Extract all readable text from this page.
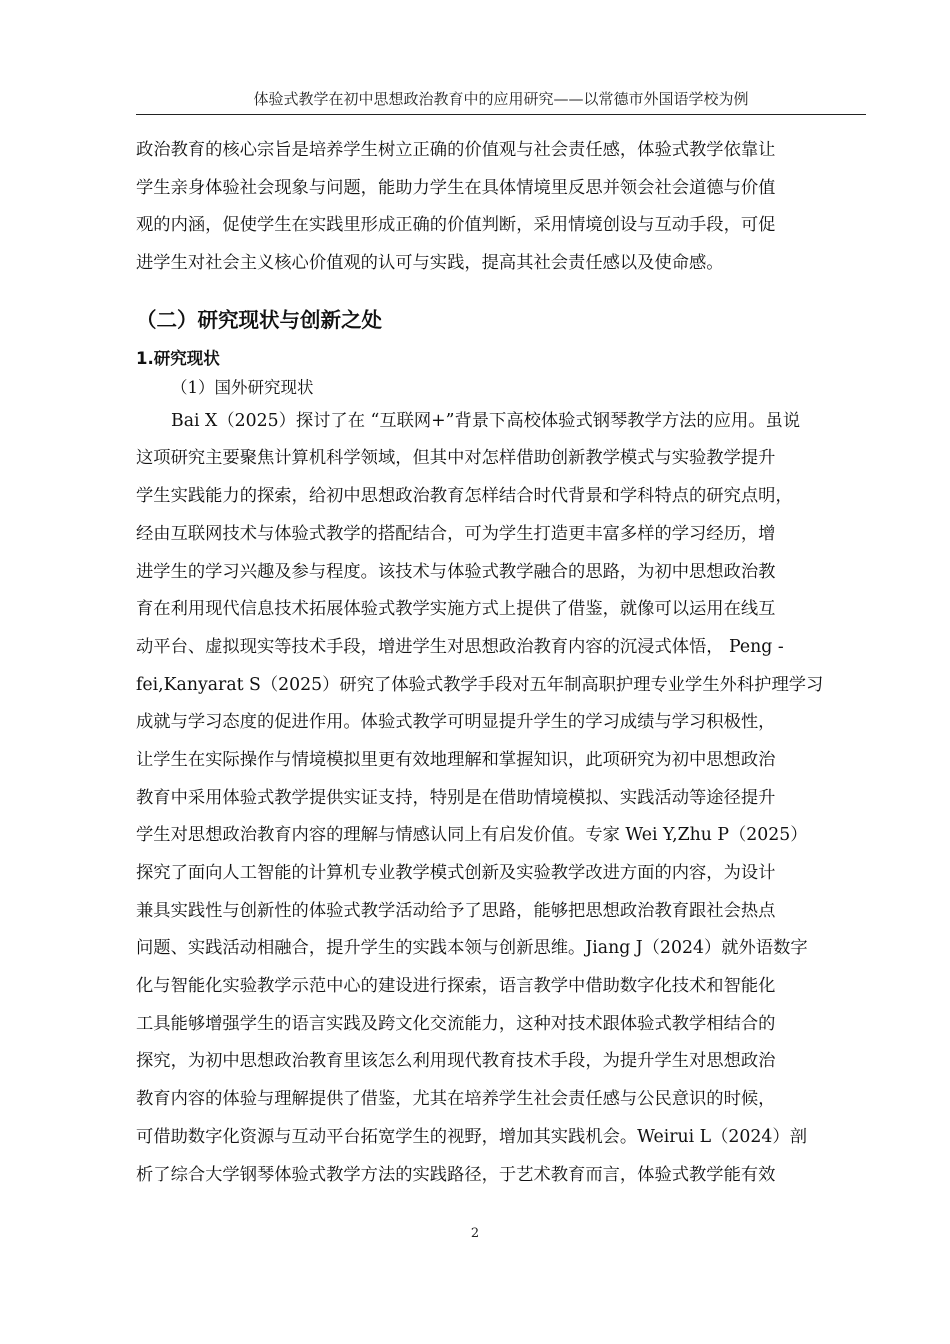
体验式教学在初中思想政治教育中的应用研究——以常德市外国语学校为例
政治教育的核心宗旨是培养学生树立正确的价值观与社会责任感，体验式教学依靠让
学生亲身体验社会现象与问题，能助力学生在具体情境里反思并领会社会道德与价值
观的内涵，促使学生在实践里形成正确的价值判断，采用情境创设与互动手段，可促
进学生对社会主义核心价值观的认可与实践，提高其社会责任感以及使命感。
（二）研究现状与创新之处
1.研究现状
（1）国外研究现状
Bai X（2025）探讨了在 “互联网+”背景下高校体验式钢琴教学方法的应用。虽说
这项研究主要聚焦计算机科学领域，但其中对怎样借助创新教学模式与实验教学提升
学生实践能力的探索，给初中思想政治教育怎样结合时代背景和学科特点的研究点明，
经由互联网技术与体验式教学的搭配结合，可为学生打造更丰富多样的学习经历，增
进学生的学习兴趣及参与程度。该技术与体验式教学融合的思路，为初中思想政治教
育在利用现代信息技术拓展体验式教学实施方式上提供了借鉴，就像可以运用在线互
动平台、虚拟现实等技术手段，增进学生对思想政治教育内容的沉浸式体悟， Peng -
fei,Kanyarat S（2025）研究了体验式教学手段对五年制高职护理专业学生外科护理学习
成就与学习态度的促进作用。体验式教学可明显提升学生的学习成绩与学习积极性，
让学生在实际操作与情境模拟里更有效地理解和掌握知识，此项研究为初中思想政治
教育中采用体验式教学提供实证支持，特别是在借助情境模拟、实践活动等途径提升
学生对思想政治教育内容的理解与情感认同上有启发价值。专家 Wei Y,Zhu P（2025）
探究了面向人工智能的计算机专业教学模式创新及实验教学改进方面的内容，为设计
兼具实践性与创新性的体验式教学活动给予了思路，能够把思想政治教育跟社会热点
问题、实践活动相融合，提升学生的实践本领与创新思维。Jiang J（2024）就外语数字
化与智能化实验教学示范中心的建设进行探索，语言教学中借助数字化技术和智能化
工具能够增强学生的语言实践及跨文化交流能力，这种对技术跟体验式教学相结合的
探究，为初中思想政治教育里该怎么利用现代教育技术手段，为提升学生对思想政治
教育内容的体验与理解提供了借鉴，尤其在培养学生社会责任感与公民意识的时候，
可借助数字化资源与互动平台拓宽学生的视野，增加其实践机会。Weirui L（2024）剖
析了综合大学钢琴体验式教学方法的实践路径，于艺术教育而言，体验式教学能有效
2
